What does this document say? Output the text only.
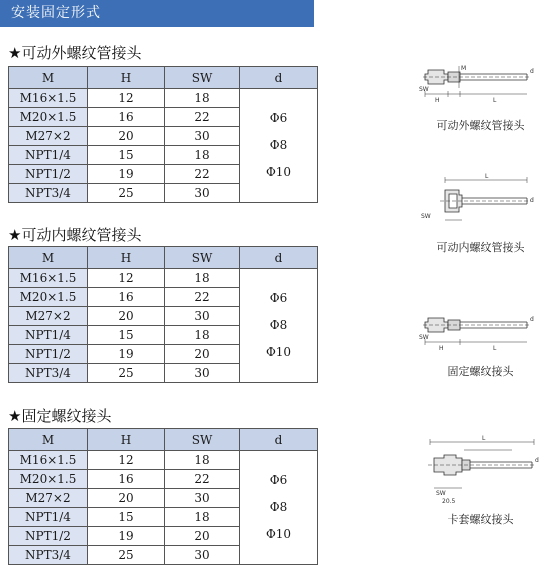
安装固定形式
★可动外螺纹管接头
M	H	SW	d
M16×1.5	12	18	Φ6
Φ8
Φ10

M20×1.5	16	22	
M27×2	20	30	
NPT1/4	15	18	
NPT1/2	19	22	
NPT3/4	25	30	
★可动内螺纹管接头
M	H	SW	d
M16×1.5	12	18	Φ6
Φ8
Φ10

M20×1.5	16	22	
M27×2	20	30	
NPT1/4	15	18	
NPT1/2	19	20	
NPT3/4	25	30	
★固定螺纹接头
M	H	SW	d
M16×1.5	12	18	Φ6
Φ8
Φ10

M20×1.5	16	22	
M27×2	20	30	
NPT1/4	15	18	
NPT1/2	19	20	
NPT3/4	25	30	
SW
H	L
M	d
可动外螺纹管接头
L
SW
d
可动内螺纹管接头
SW
H	L
d
固定螺纹接头
L
SW
20.5
d
卡套螺纹接头
